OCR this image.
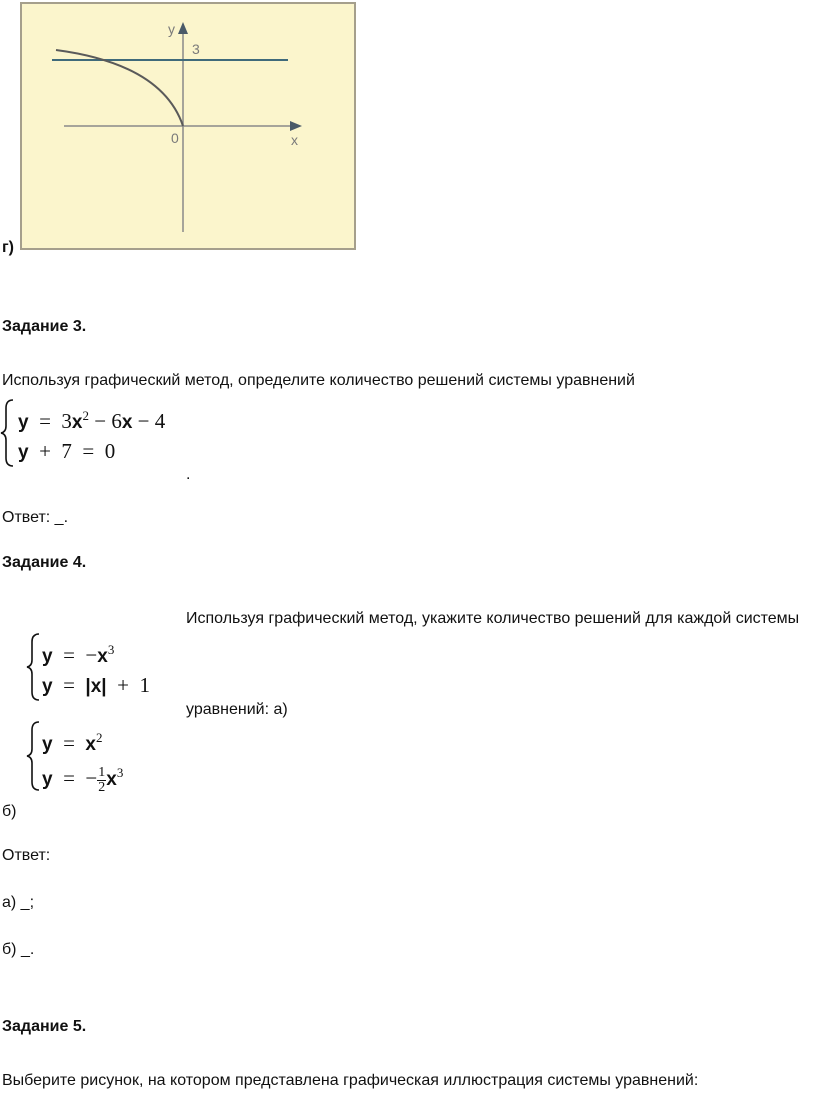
y
x
0
3
г)
Задание 3.
Используя графический метод, определите количество решений системы уравнений
$y = 3x^2 - 6x - 4$
y + 7 = 0
.
Ответ: _.
Задание 4.
Используя графический метод, укажите количество решений для каждой системы
$y = -x^3$
y = |x| + 1
уравнений: а)
$y = x^2$
y = − $\frac{1}{2} x^3$
б)
Ответ:
а) _;
б) _.
Задание 5.
Выберите рисунок, на котором представлена графическая иллюстрация системы уравнений:
